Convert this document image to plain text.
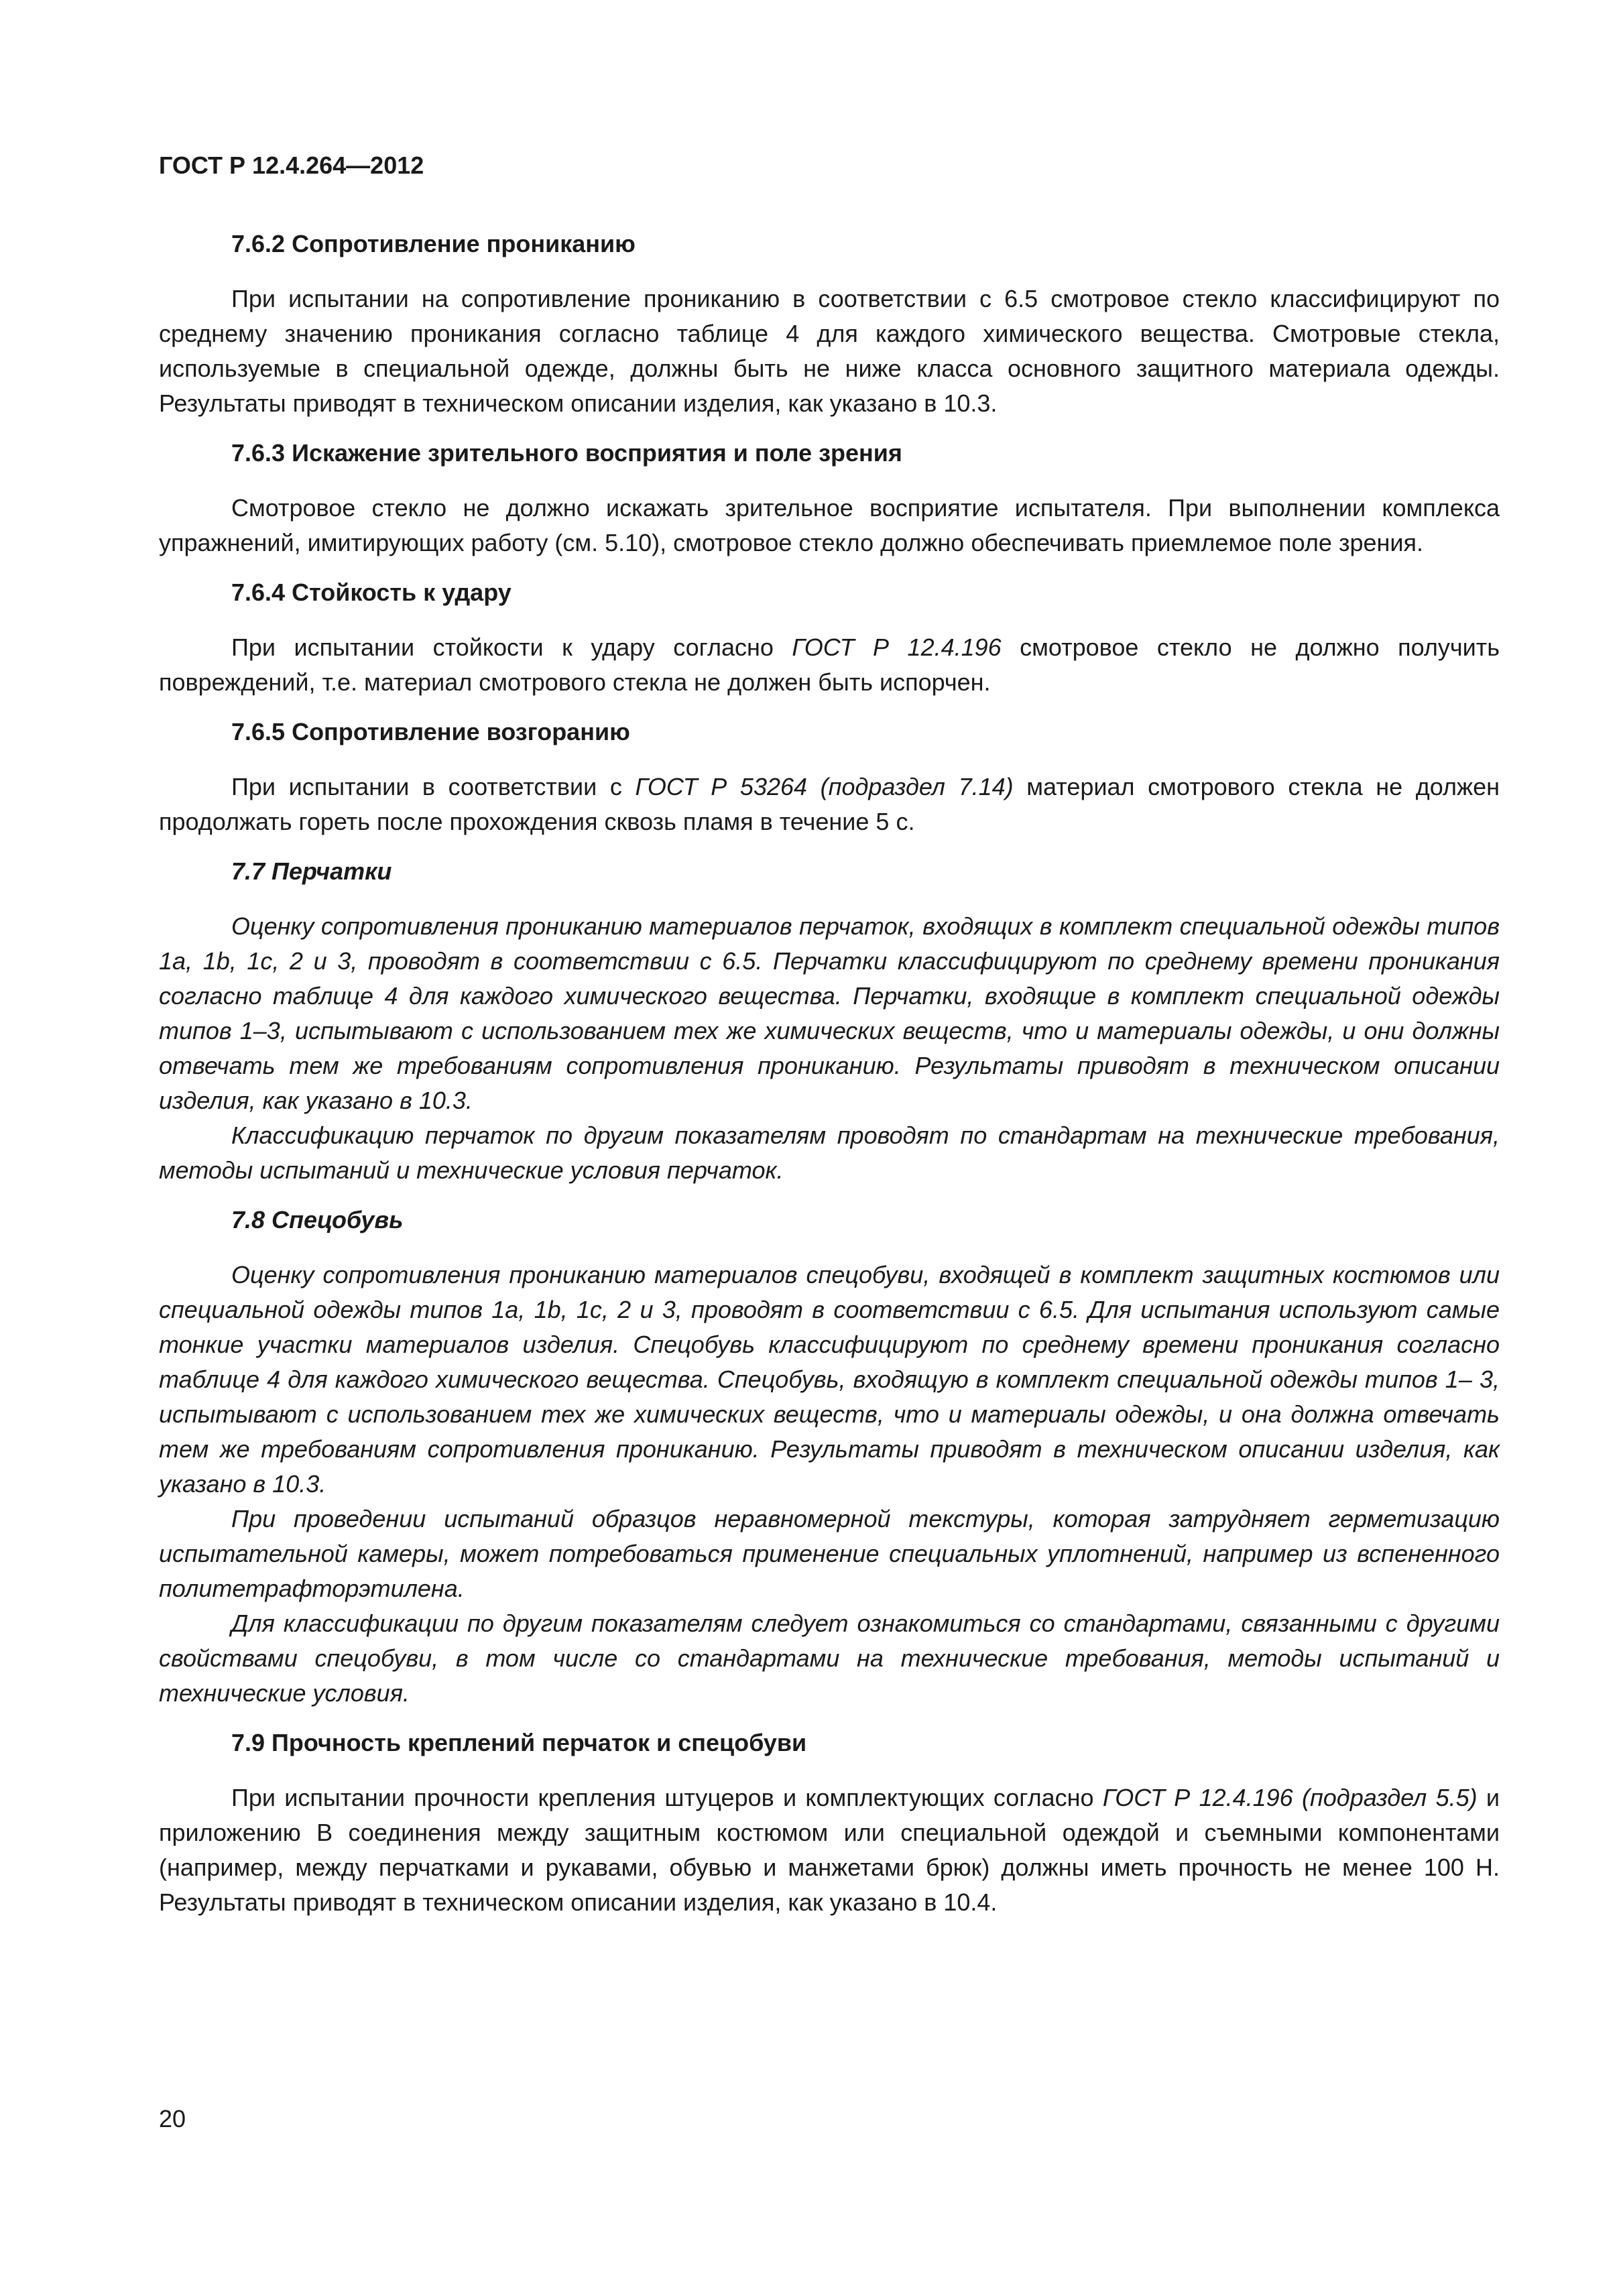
ГОСТ Р 12.4.264—2012
7.6.2 Сопротивление прониканию

При испытании на сопротивление прониканию в соответствии с 6.5 смотровое стекло классифицируют по среднему значению проникания согласно таблице 4 для каждого химического вещества. Смотровые стекла, используемые в специальной одежде, должны быть не ниже класса основного защитного материала одежды. Результаты приводят в техническом описании изделия, как указано в 10.3.

7.6.3 Искажение зрительного восприятия и поле зрения

Смотровое стекло не должно искажать зрительное восприятие испытателя. При выполнении комплекса упражнений, имитирующих работу (см. 5.10), смотровое стекло должно обеспечивать приемлемое поле зрения.

7.6.4 Стойкость к удару

При испытании стойкости к удару согласно ГОСТ Р 12.4.196 смотровое стекло не должно получить повреждений, т.е. материал смотрового стекла не должен быть испорчен.

7.6.5 Сопротивление возгоранию

При испытании в соответствии с ГОСТ Р 53264 (подраздел 7.14) материал смотрового стекла не должен продолжать гореть после прохождения сквозь пламя в течение 5 с.

7.7 Перчатки

Оценку сопротивления прониканию материалов перчаток, входящих в комплект специальной одежды типов 1а, 1b, 1с, 2 и 3, проводят в соответствии с 6.5. Перчатки классифицируют по среднему времени проникания согласно таблице 4 для каждого химического вещества. Перчатки, входящие в комплект специальной одежды типов 1–3, испытывают с использованием тех же химических веществ, что и материалы одежды, и они должны отвечать тем же требованиям сопротивления прониканию. Результаты приводят в техническом описании изделия, как указано в 10.3.

Классификацию перчаток по другим показателям проводят по стандартам на технические требования, методы испытаний и технические условия перчаток.

7.8 Спецобувь

Оценку сопротивления прониканию материалов спецобуви, входящей в комплект защитных костюмов или специальной одежды типов 1а, 1b, 1с, 2 и 3, проводят в соответствии с 6.5. Для испытания используют самые тонкие участки материалов изделия. Спецобувь классифицируют по среднему времени проникания согласно таблице 4 для каждого химического вещества. Спецобувь, входящую в комплект специальной одежды типов 1– 3, испытывают с использованием тех же химических веществ, что и материалы одежды, и она должна отвечать тем же требованиям сопротивления прониканию. Результаты приводят в техническом описании изделия, как указано в 10.3.

При проведении испытаний образцов неравномерной текстуры, которая затрудняет герметизацию испытательной камеры, может потребоваться применение специальных уплотнений, например из вспененного политетрафторэтилена.

Для классификации по другим показателям следует ознакомиться со стандартами, связанными с другими свойствами спецобуви, в том числе со стандартами на технические требования, методы испытаний и технические условия.

7.9 Прочность креплений перчаток и спецобуви

При испытании прочности крепления штуцеров и комплектующих согласно ГОСТ Р 12.4.196 (подраздел 5.5) и приложению В соединения между защитным костюмом или специальной одеждой и съемными компонентами (например, между перчатками и рукавами, обувью и манжетами брюк) должны иметь прочность не менее 100 Н. Результаты приводят в техническом описании изделия, как указано в 10.4.

20
